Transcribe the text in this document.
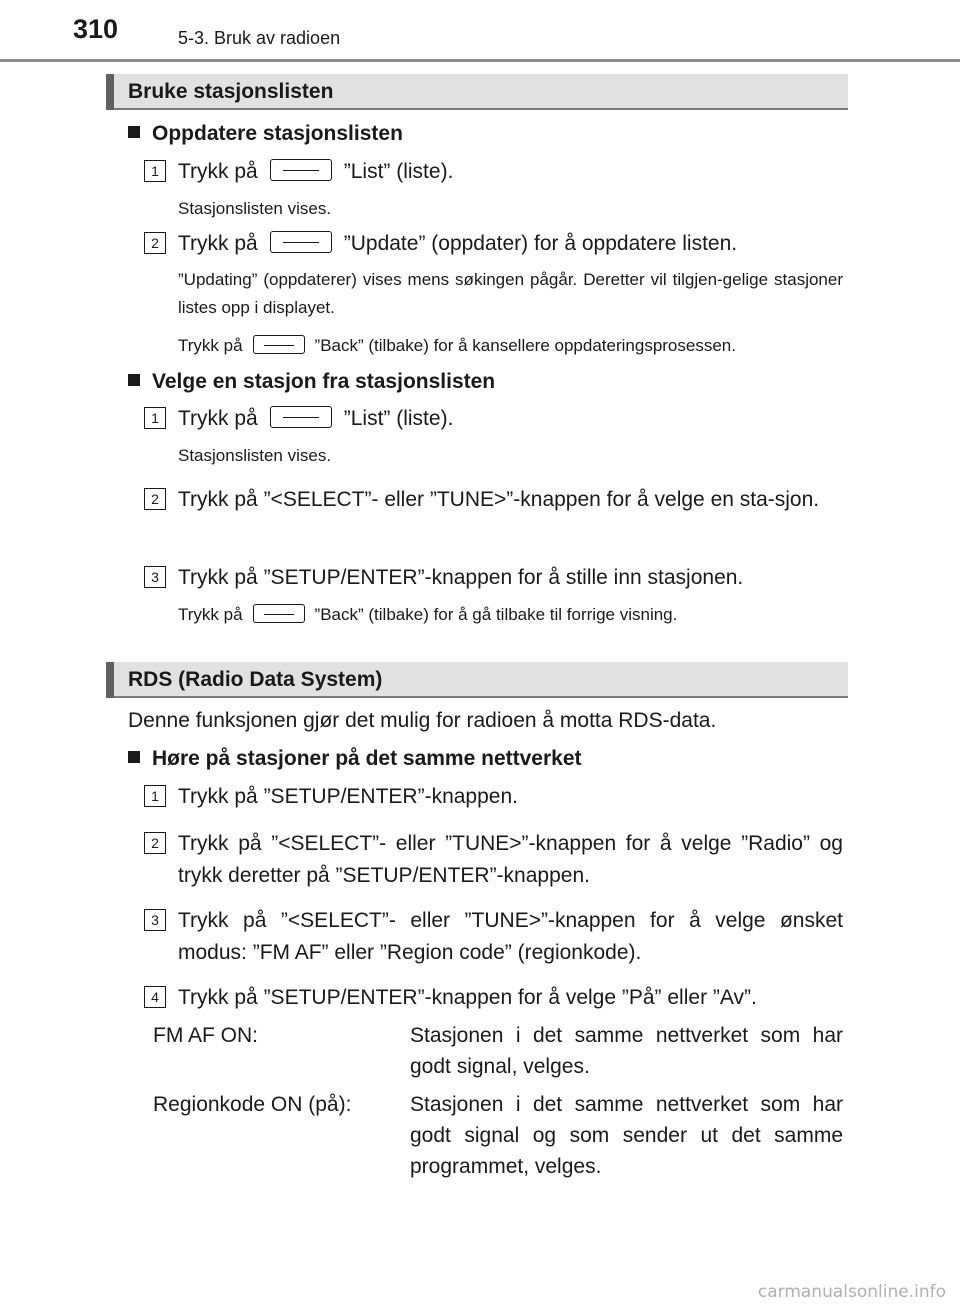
310	5-3. Bruk av radioen
Bruke stasjonslisten
Oppdatere stasjonslisten
1 Trykk på	”List” (liste).
Stasjonslisten vises.
2 Trykk på	”Update” (oppdater) for å oppdatere listen.
”Updating” (oppdaterer) vises mens søkingen pågår. Deretter vil tilgjen-gelige stasjoner listes opp i displayet.
Trykk på	”Back” (tilbake) for å kansellere oppdateringsprosessen.
Velge en stasjon fra stasjonslisten
1 Trykk på	”List” (liste).
Stasjonslisten vises.
2 Trykk på ”<SELECT”- eller ”TUNE>”-knappen for å velge en sta-sjon.
3 Trykk på ”SETUP/ENTER”-knappen for å stille inn stasjonen.
Trykk på	”Back” (tilbake) for å gå tilbake til forrige visning.
RDS (Radio Data System)
Denne funksjonen gjør det mulig for radioen å motta RDS-data.
Høre på stasjoner på det samme nettverket
1 Trykk på ”SETUP/ENTER”-knappen.
2 Trykk på ”<SELECT”- eller ”TUNE>”-knappen for å velge ”Radio” og trykk deretter på ”SETUP/ENTER”-knappen.
3 Trykk på ”<SELECT”- eller ”TUNE>”-knappen for å velge ønsket modus: ”FM AF” eller ”Region code” (regionkode).
4 Trykk på ”SETUP/ENTER”-knappen for å velge ”På” eller ”Av”.
FM AF ON:	Stasjonen i det samme nettverket som har godt signal, velges.
Regionkode ON (på):	Stasjonen i det samme nettverket som har godt signal og som sender ut det samme programmet, velges.
carmanualsonline.info
